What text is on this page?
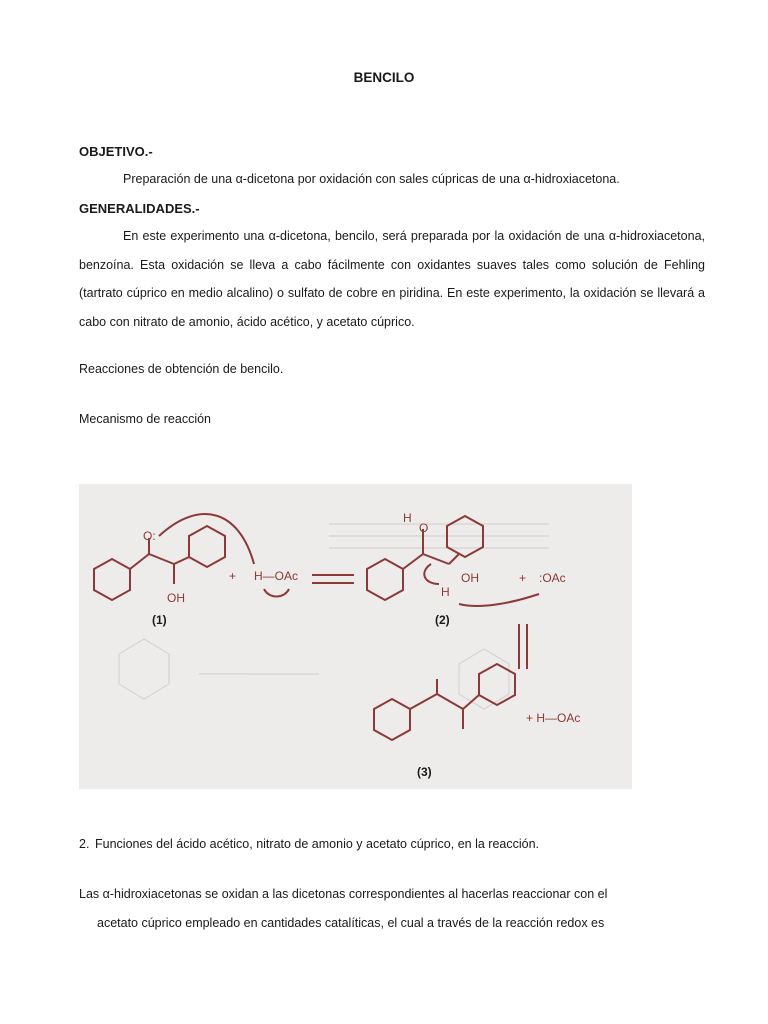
BENCILO
OBJETIVO.-

Preparación de una α-dicetona por oxidación con sales cúpricas de una α-hidroxiacetona.

GENERALIDADES.-

En este experimento una α-dicetona, bencilo, será preparada por la oxidación de una α-hidroxiacetona, benzoína. Esta oxidación se lleva a cabo fácilmente con oxidantes suaves tales como solución de Fehling (tartrato cúprico en medio alcalino) o sulfato de cobre en piridina. En este experimento, la oxidación se llevará a cabo con nitrato de amonio, ácido acético, y acetato cúprico.

Reacciones de obtención de bencilo.
Mecanismo de reacción
O:
OH
+ H—OAc
H
O
OH
H
+ :OAc
+ H—OAc
(1)	(2)
(3)
2. Funciones del ácido acético, nitrato de amonio y acetato cúprico, en la reacción.
Las α-hidroxiacetonas se oxidan a las dicetonas correspondientes al hacerlas reaccionar con el
acetato cúprico empleado en cantidades catalíticas, el cual a través de la reacción redox es
